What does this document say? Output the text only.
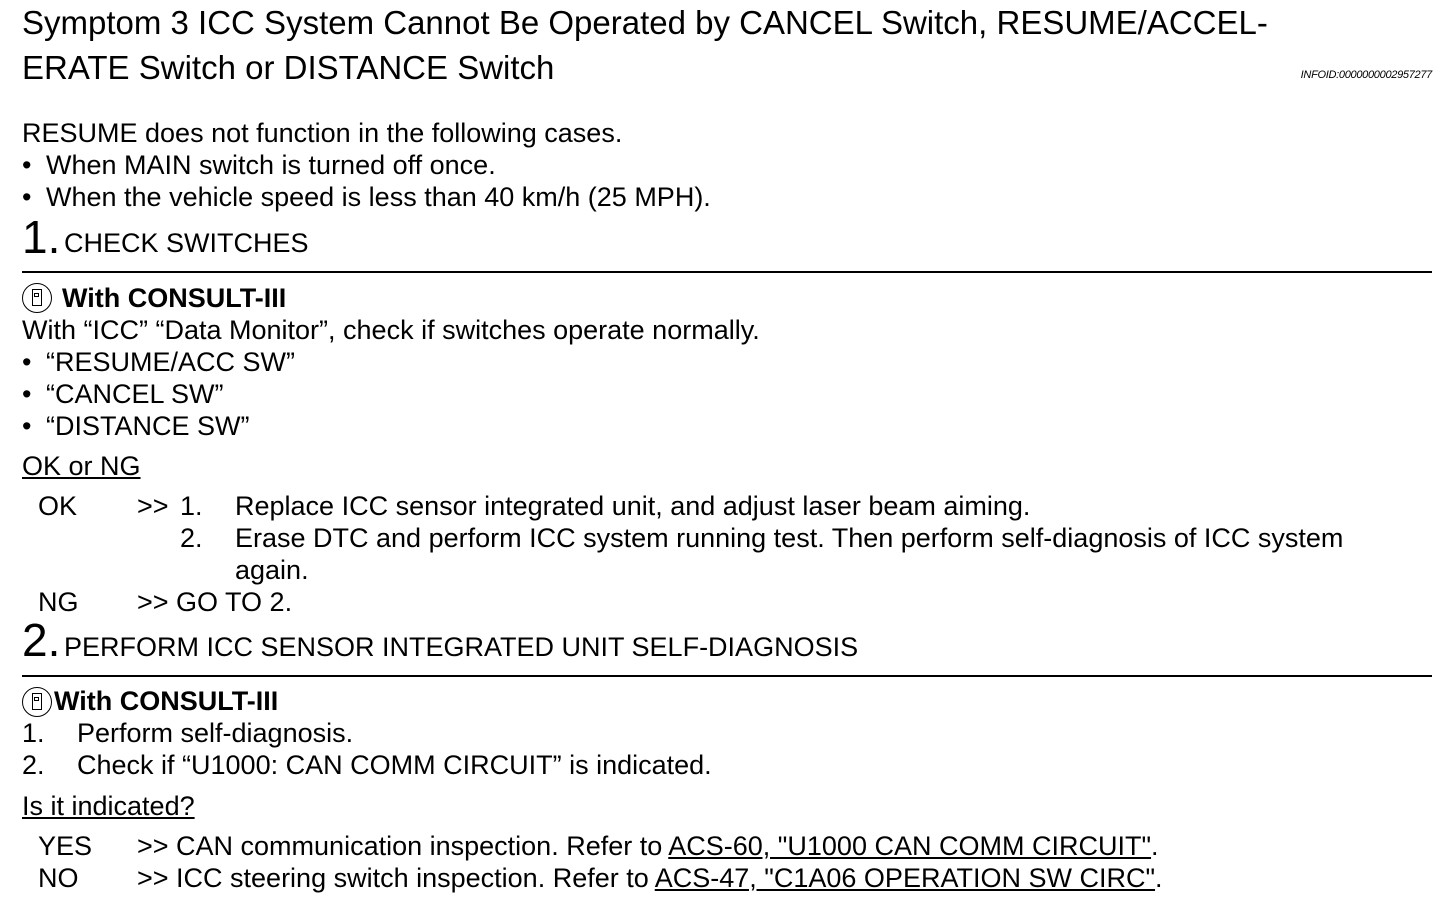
Symptom 3 ICC System Cannot Be Operated by CANCEL Switch, RESUME/ACCEL-
ERATE Switch or DISTANCE Switch	INFOID:0000000002957277
RESUME does not function in the following cases.
• When MAIN switch is turned off once.
• When the vehicle speed is less than 40 km/h (25 MPH).
1. CHECK SWITCHES
With CONSULT-III
With “ICC” “Data Monitor”, check if switches operate normally.
• “RESUME/ACC SW”
• “CANCEL SW”
• “DISTANCE SW”
OK or NG
OK >> 1. Replace ICC sensor integrated unit, and adjust laser beam aiming.
2. Erase DTC and perform ICC system running test. Then perform self-diagnosis of ICC system
again.
NG >> GO TO 2.
2. PERFORM ICC SENSOR INTEGRATED UNIT SELF-DIAGNOSIS
With CONSULT-III
1. Perform self-diagnosis.
2. Check if “U1000: CAN COMM CIRCUIT” is indicated.
Is it indicated?
YES >> CAN communication inspection. Refer to ACS-60, "U1000 CAN COMM CIRCUIT".
NO >> ICC steering switch inspection. Refer to ACS-47, "C1A06 OPERATION SW CIRC".
